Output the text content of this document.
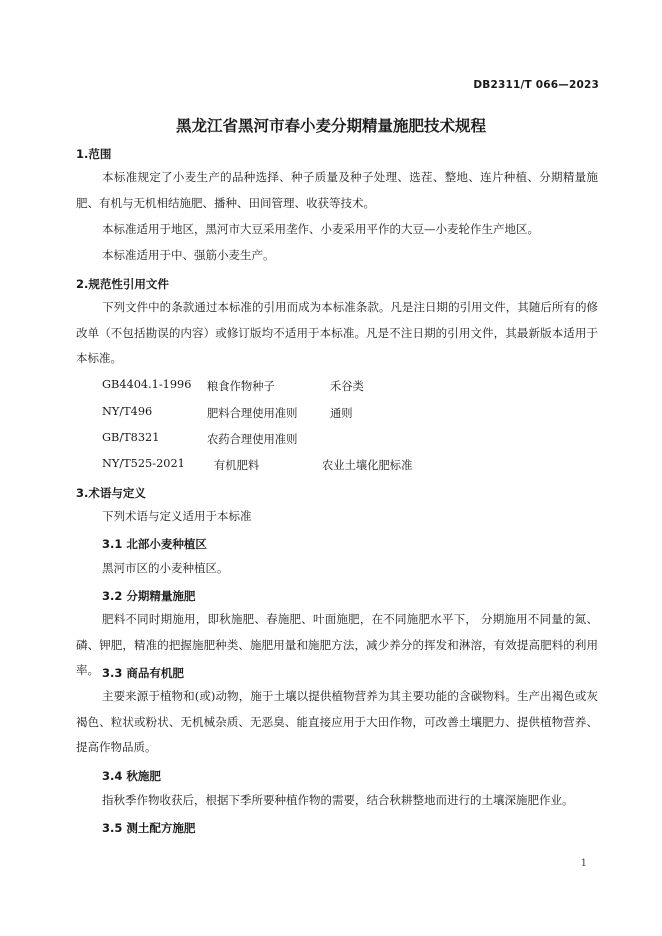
DB2311/T 066—2023
黑龙江省黑河市春小麦分期精量施肥技术规程
1.范围

本标准规定了小麦生产的品种选择、种子质量及种子处理、选茬、整地、连片种植、分期精量施肥、有机与无机相结施肥、播种、田间管理、收获等技术。

本标准适用于地区，黑河市大豆采用垄作、小麦采用平作的大豆—小麦轮作生产地区。

本标准适用于中、强筋小麦生产。

2.规范性引用文件

下列文件中的条款通过本标准的引用而成为本标准条款。凡是注日期的引用文件，其随后所有的修改单（不包括勘误的内容）或修订版均不适用于本标准。凡是不注日期的引用文件，其最新版本适用于本标准。

GB4404.1-1996 粮食作物种子	禾谷类
NY/T496	肥料合理使用准则	通则
GB/T8321	农药合理使用准则
NY/T525-2021	有机肥料	农业土壤化肥标准
3.术语与定义

下列术语与定义适用于本标准

3.1 北部小麦种植区

黑河市区的小麦种植区。

3.2 分期精量施肥

肥料不同时期施用，即秋施肥、春施肥、叶面施肥，在不同施肥水平下， 分期施用不同量的氮、磷、钾肥，精准的把握施肥种类、施肥用量和施肥方法，减少养分的挥发和淋溶，有效提高肥料的利用率。 3.3 商品有机肥

主要来源于植物和(或)动物，施于土壤以提供植物营养为其主要功能的含碳物料。生产出褐色或灰褐色、粒状或粉状、无机械杂质、无恶臭、能直接应用于大田作物，可改善土壤肥力、提供植物营养、提高作物品质。

3.4 秋施肥

指秋季作物收获后，根据下季所要种植作物的需要，结合秋耕整地而进行的土壤深施肥作业。

3.5 测土配方施肥
1
